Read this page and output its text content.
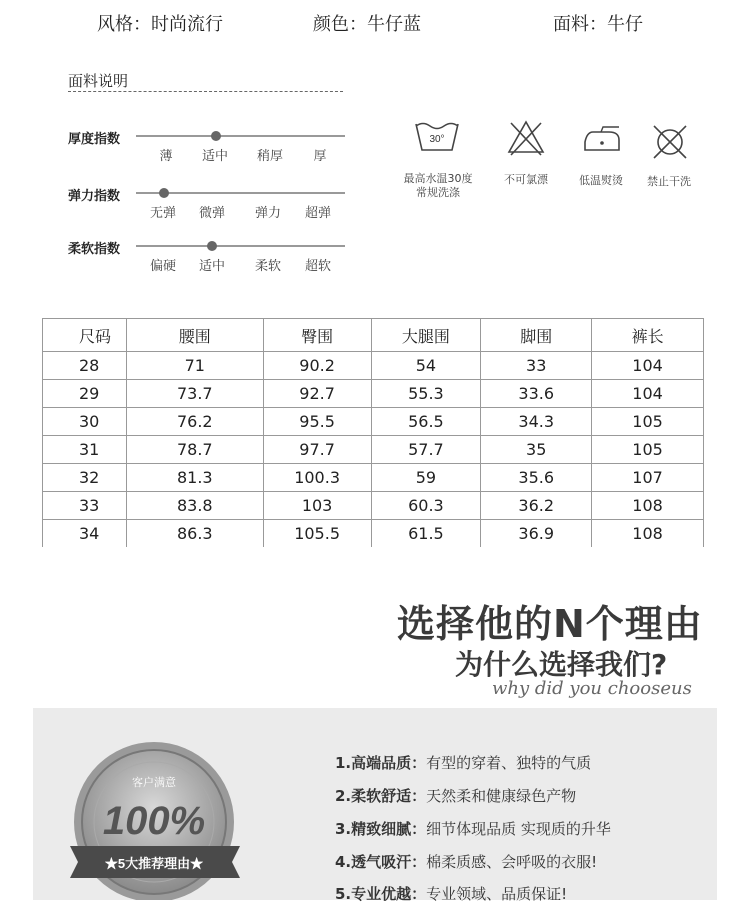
风格：时尚流行	颜色：牛仔蓝	面料：牛仔
面料说明
厚度指数
薄 适中 稍厚 厚
弹力指数
无弹 微弹 弹力 超弹
柔软指数
偏硬 适中 柔软 超软
30°
最高水温30度
常规洗涤
不可氯漂	低温熨烫 禁止干洗
尺码	腰围	臀围	大腿围	脚围	裤长
28	71	90.2	54	33	104
29	73.7	92.7	55.3	33.6	104
30	76.2	95.5	56.5	34.3	105
31	78.7	97.7	57.7	35	105
32	81.3	100.3	59	35.6	107
33	83.8	103	60.3	36.2	108
34	86.3	105.5	61.5	36.9	108
选择他的N个理由
为什么选择我们?
why did you chooseus
客户满意
100%
★5大推荐理由★
1.高端品质：有型的穿着、独特的气质
2.柔软舒适：天然柔和健康绿色产物
3.精致细腻：细节体现品质 实现质的升华
4.透气吸汗：棉柔质感、会呼吸的衣服!
5.专业优越：专业领域、品质保证!
